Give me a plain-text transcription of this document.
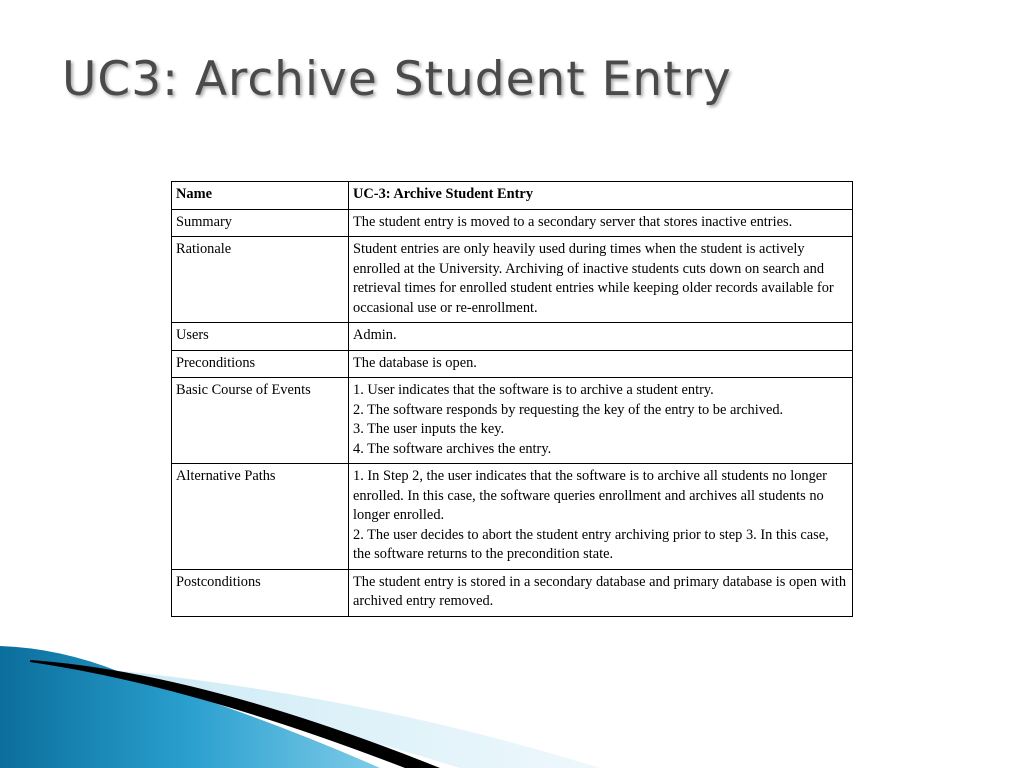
UC3: Archive Student Entry
Name	UC-3: Archive Student Entry
Summary	The student entry is moved to a secondary server that stores inactive entries.
Rationale	Student entries are only heavily used during times when the student is actively enrolled at the University. Archiving of inactive students cuts down on search and retrieval times for enrolled student entries while keeping older records available for occasional use or re-enrollment.
Users	Admin.
Preconditions	The database is open.
Basic Course of Events	1. User indicates that the software is to archive a student entry.
2. The software responds by requesting the key of the entry to be archived.
3. The user inputs the key.
4. The software archives the entry.
Alternative Paths	1. In Step 2, the user indicates that the software is to archive all students no longer enrolled. In this case, the software queries enrollment and archives all students no longer enrolled.
2. The user decides to abort the student entry archiving prior to step 3. In this case, the software returns to the precondition state.
Postconditions	The student entry is stored in a secondary database and primary database is open with archived entry removed.
